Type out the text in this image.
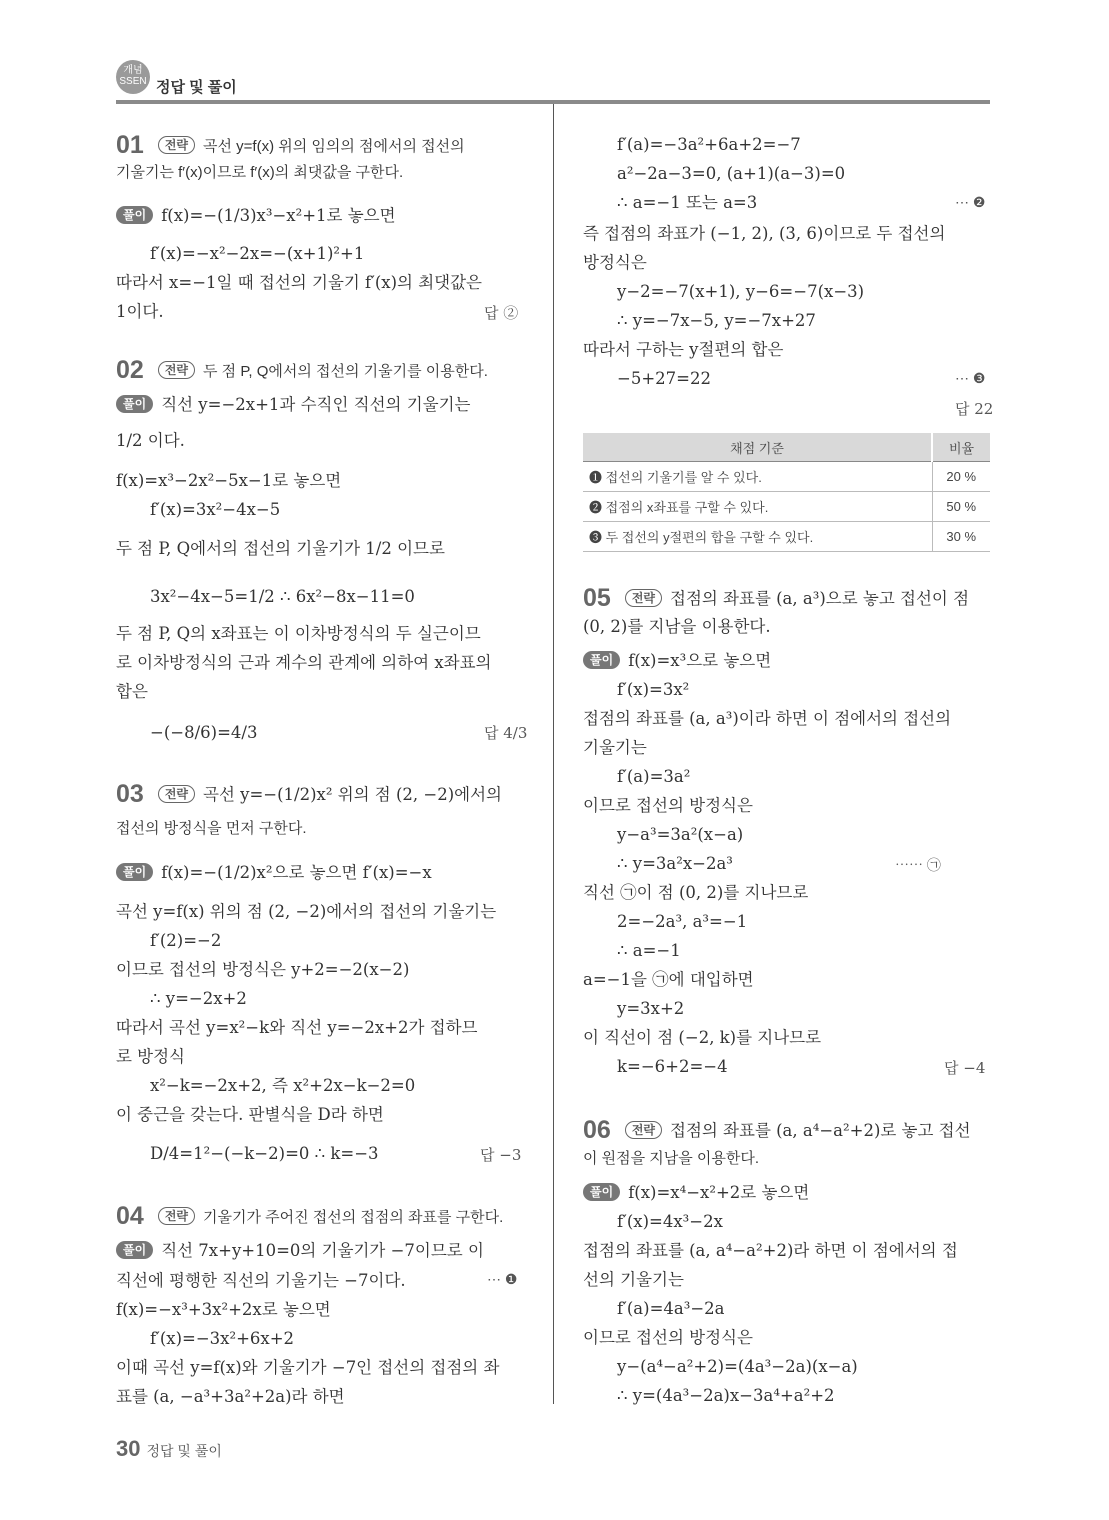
개념
SSEN 정답 및 풀이
01 전략 곡선 y=f(x) 위의 임의의 점에서의 접선의
기울기는 f′(x)이므로 f′(x)의 최댓값을 구한다.
풀이 f(x)=−(1/3)x³−x²+1로 놓으면
f′(x)=−x²−2x=−(x+1)²+1
따라서 x=−1일 때 접선의 기울기 f′(x)의 최댓값은
1이다.	답 ②
02 전략 두 점 P, Q에서의 접선의 기울기를 이용한다.
풀이 직선 y=−2x+1과 수직인 직선의 기울기는
1/2 이다.
f(x)=x³−2x²−5x−1로 놓으면
f′(x)=3x²−4x−5
두 점 P, Q에서의 접선의 기울기가 1/2 이므로
3x²−4x−5=1/2 ∴ 6x²−8x−11=0
두 점 P, Q의 x좌표는 이 이차방정식의 두 실근이므
로 이차방정식의 근과 계수의 관계에 의하여 x좌표의
합은
−(−8/6)=4/3	답 4/3
03 전략 곡선 y=−(1/2)x² 위의 점 (2, −2)에서의
접선의 방정식을 먼저 구한다.
풀이 f(x)=−(1/2)x²으로 놓으면 f′(x)=−x
곡선 y=f(x) 위의 점 (2, −2)에서의 접선의 기울기는
f′(2)=−2
이므로 접선의 방정식은 y+2=−2(x−2)
∴ y=−2x+2
따라서 곡선 y=x²−k와 직선 y=−2x+2가 접하므
로 방정식
x²−k=−2x+2, 즉 x²+2x−k−2=0
이 중근을 갖는다. 판별식을 D라 하면
D/4=1²−(−k−2)=0 ∴ k=−3	답 −3
04 전략 기울기가 주어진 접선의 접점의 좌표를 구한다.
풀이 직선 7x+y+10=0의 기울기가 −7이므로 이
직선에 평행한 직선의 기울기는 −7이다.	⋯ ❶
f(x)=−x³+3x²+2x로 놓으면
f′(x)=−3x²+6x+2
이때 곡선 y=f(x)와 기울기가 −7인 접선의 접점의 좌
표를 (a, −a³+3a²+2a)라 하면
f′(a)=−3a²+6a+2=−7
a²−2a−3=0, (a+1)(a−3)=0
∴ a=−1 또는 a=3	⋯ ❷
즉 접점의 좌표가 (−1, 2), (3, 6)이므로 두 접선의
방정식은
y−2=−7(x+1), y−6=−7(x−3)
∴ y=−7x−5, y=−7x+27
따라서 구하는 y절편의 합은
−5+27=22	⋯ ❸
답 22
채점 기준	비율
❶ 접선의 기울기를 알 수 있다.	20 %
❷ 접점의 x좌표를 구할 수 있다.	50 %
❸ 두 접선의 y절편의 합을 구할 수 있다.	30 %
05 전략 접점의 좌표를 (a, a³)으로 놓고 접선이 점
(0, 2)를 지남을 이용한다.
풀이 f(x)=x³으로 놓으면
f′(x)=3x²
접점의 좌표를 (a, a³)이라 하면 이 점에서의 접선의
기울기는
f′(a)=3a²
이므로 접선의 방정식은
y−a³=3a²(x−a)
∴ y=3a²x−2a³	⋯⋯ ㉠
직선 ㉠이 점 (0, 2)를 지나므로
2=−2a³, a³=−1
∴ a=−1
a=−1을 ㉠에 대입하면
y=3x+2
이 직선이 점 (−2, k)를 지나므로
k=−6+2=−4	답 −4
06 전략 접점의 좌표를 (a, a⁴−a²+2)로 놓고 접선
이 원점을 지남을 이용한다.
풀이 f(x)=x⁴−x²+2로 놓으면
f′(x)=4x³−2x
접점의 좌표를 (a, a⁴−a²+2)라 하면 이 점에서의 접
선의 기울기는
f′(a)=4a³−2a
이므로 접선의 방정식은
y−(a⁴−a²+2)=(4a³−2a)(x−a)
∴ y=(4a³−2a)x−3a⁴+a²+2
30 정답 및 풀이
